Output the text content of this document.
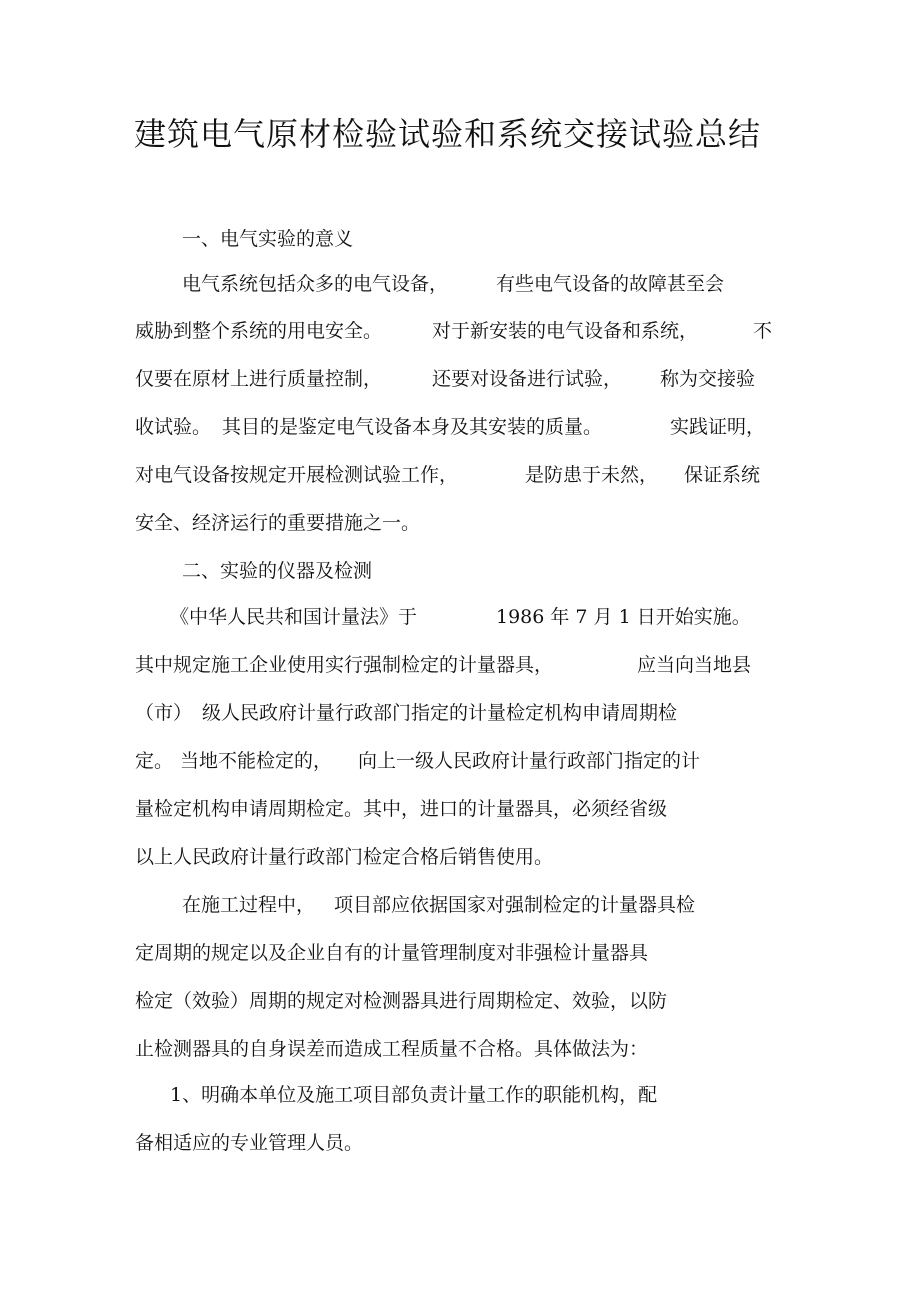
建筑电气原材检验试验和系统交接试验总结
一、电气实验的意义
电气系统包括众多的电气设备，	有些电气设备的故障甚至会
威胁到整个系统的用电安全。	对于新安装的电气设备和系统，	不
仅要在原材上进行质量控制，	还要对设备进行试验， 称为交接验
收试验。 其目的是鉴定电气设备本身及其安装的质量。	实践证明，
对电气设备按规定开展检测试验工作，	是防患于未然， 保证系统
安全、经济运行的重要措施之一。
二、实验的仪器及检测
《中华人民共和国计量法》于	1986 年 7 月 1 日开始实施。
其中规定施工企业使用实行强制检定的计量器具，	应当向当地县
（市） 级人民政府计量行政部门指定的计量检定机构申请周期检
定。 当地不能检定的， 向上一级人民政府计量行政部门指定的计
量检定机构申请周期检定。其中，进口的计量器具，必须经省级
以上人民政府计量行政部门检定合格后销售使用。
在施工过程中， 项目部应依据国家对强制检定的计量器具检
定周期的规定以及企业自有的计量管理制度对非强检计量器具
检定（效验）周期的规定对检测器具进行周期检定、效验，以防
止检测器具的自身误差而造成工程质量不合格。具体做法为：
1、明确本单位及施工项目部负责计量工作的职能机构，配
备相适应的专业管理人员。
